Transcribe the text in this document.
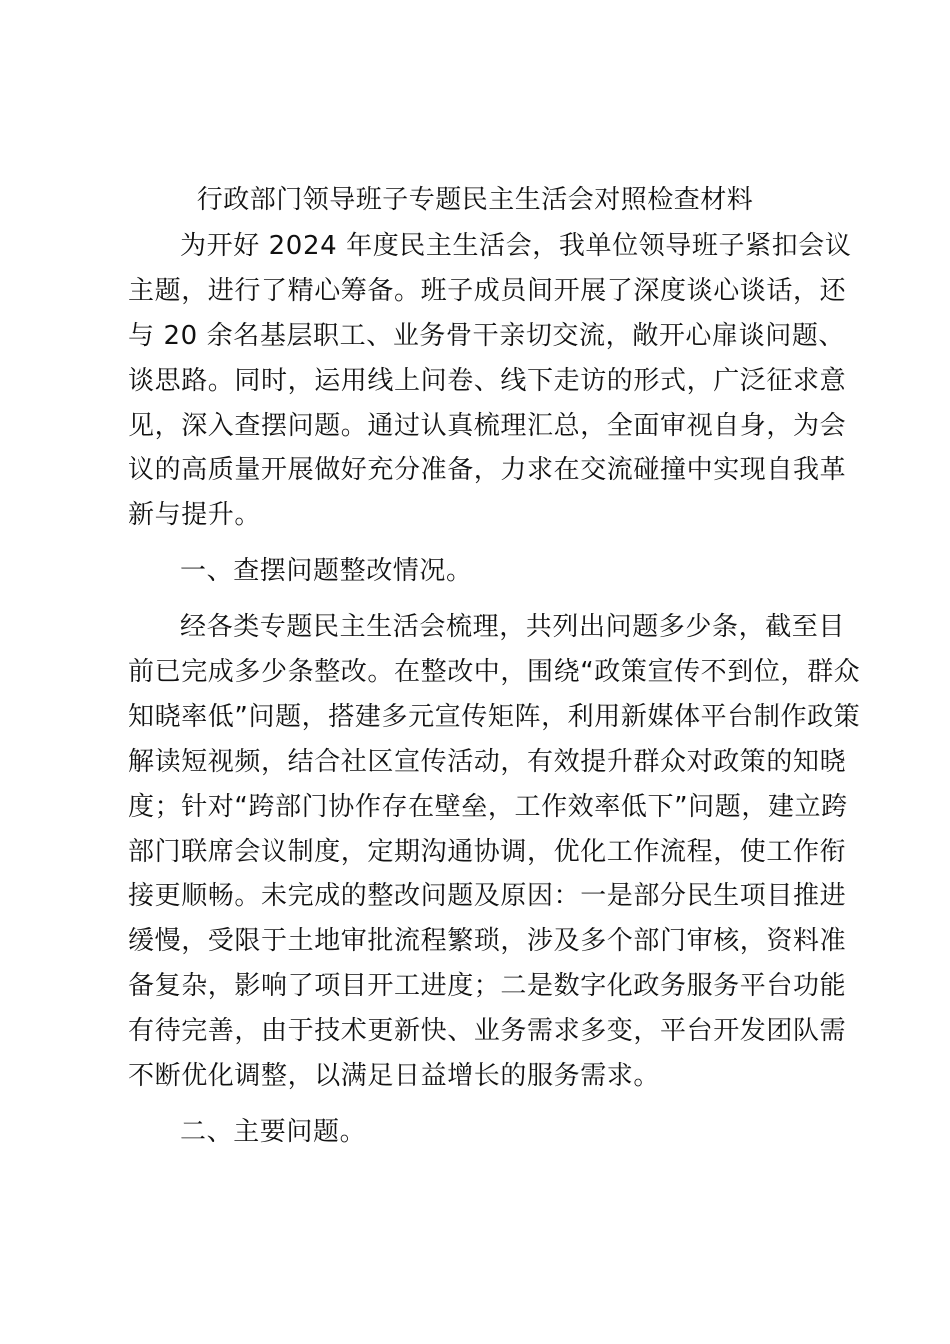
行政部门领导班子专题民主生活会对照检查材料
为开好 2024 年度民主生活会，我单位领导班子紧扣会议
主题，进行了精心筹备。班子成员间开展了深度谈心谈话，还
与 20 余名基层职工、业务骨干亲切交流，敞开心扉谈问题、
谈思路。同时，运用线上问卷、线下走访的形式，广泛征求意
见，深入查摆问题。通过认真梳理汇总，全面审视自身，为会
议的高质量开展做好充分准备，力求在交流碰撞中实现自我革
新与提升。
一、查摆问题整改情况。
经各类专题民主生活会梳理，共列出问题多少条，截至目
前已完成多少条整改。在整改中，围绕“政策宣传不到位，群众
知晓率低”问题，搭建多元宣传矩阵，利用新媒体平台制作政策
解读短视频，结合社区宣传活动，有效提升群众对政策的知晓
度；针对“跨部门协作存在壁垒，工作效率低下”问题，建立跨
部门联席会议制度，定期沟通协调，优化工作流程，使工作衔
接更顺畅。未完成的整改问题及原因：一是部分民生项目推进
缓慢，受限于土地审批流程繁琐，涉及多个部门审核，资料准
备复杂，影响了项目开工进度；二是数字化政务服务平台功能
有待完善，由于技术更新快、业务需求多变，平台开发团队需
不断优化调整，以满足日益增长的服务需求。
二、主要问题。
